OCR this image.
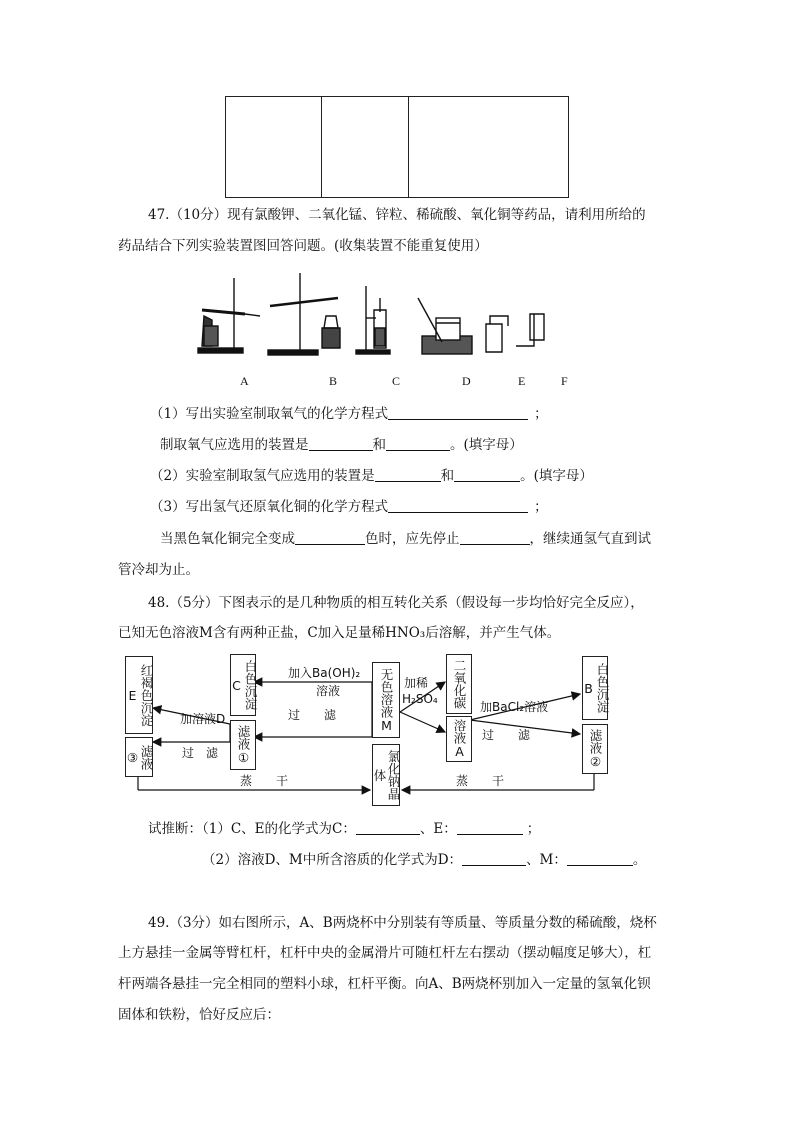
47.（10分）现有氯酸钾、二氧化锰、锌粒、稀硫酸、氧化铜等药品，请利用所给的
药品结合下列实验装置图回答问题。(收集装置不能重复使用）
A	B	C	D	E	F
（1）写出实验室制取氧气的化学方程式	；
制取氧气应选用的装置是	和	。(填字母）
（2）实验室制取氢气应选用的装置是	和	。(填字母）
（3）写出氢气还原氧化铜的化学方程式	；
当黑色氧化铜完全变成	色时，应先停止	，继续通氢气直到试
管冷却为止。
48.（5分）下图表示的是几种物质的相互转化关系（假设每一步均恰好完全反应），
已知无色溶液M含有两种正盐，C加入足量稀HNO₃后溶解，并产生气体。
红褐色沉淀E
滤液③
白色沉淀C
滤液①
无色溶液M
氯化钠晶体
二氧化碳
溶液A
白色沉淀B
滤液②
加溶液D
过　滤
加入Ba(OH)₂
溶液
过　　滤
加稀
H₂SO₄
加BaCl₂溶液
过　　滤
蒸　　干	蒸　　干
试推断：（1）C、E的化学式为C：	、E：	；
（2）溶液D、M中所含溶质的化学式为D：	、M：	。
49.（3分）如右图所示，A、B两烧杯中分别装有等质量、等质量分数的稀硫酸，烧杯
上方悬挂一金属等臂杠杆，杠杆中央的金属滑片可随杠杆左右摆动（摆动幅度足够大），杠
杆两端各悬挂一完全相同的塑料小球，杠杆平衡。向A、B两烧杯别加入一定量的氢氧化钡
固体和铁粉，恰好反应后：
